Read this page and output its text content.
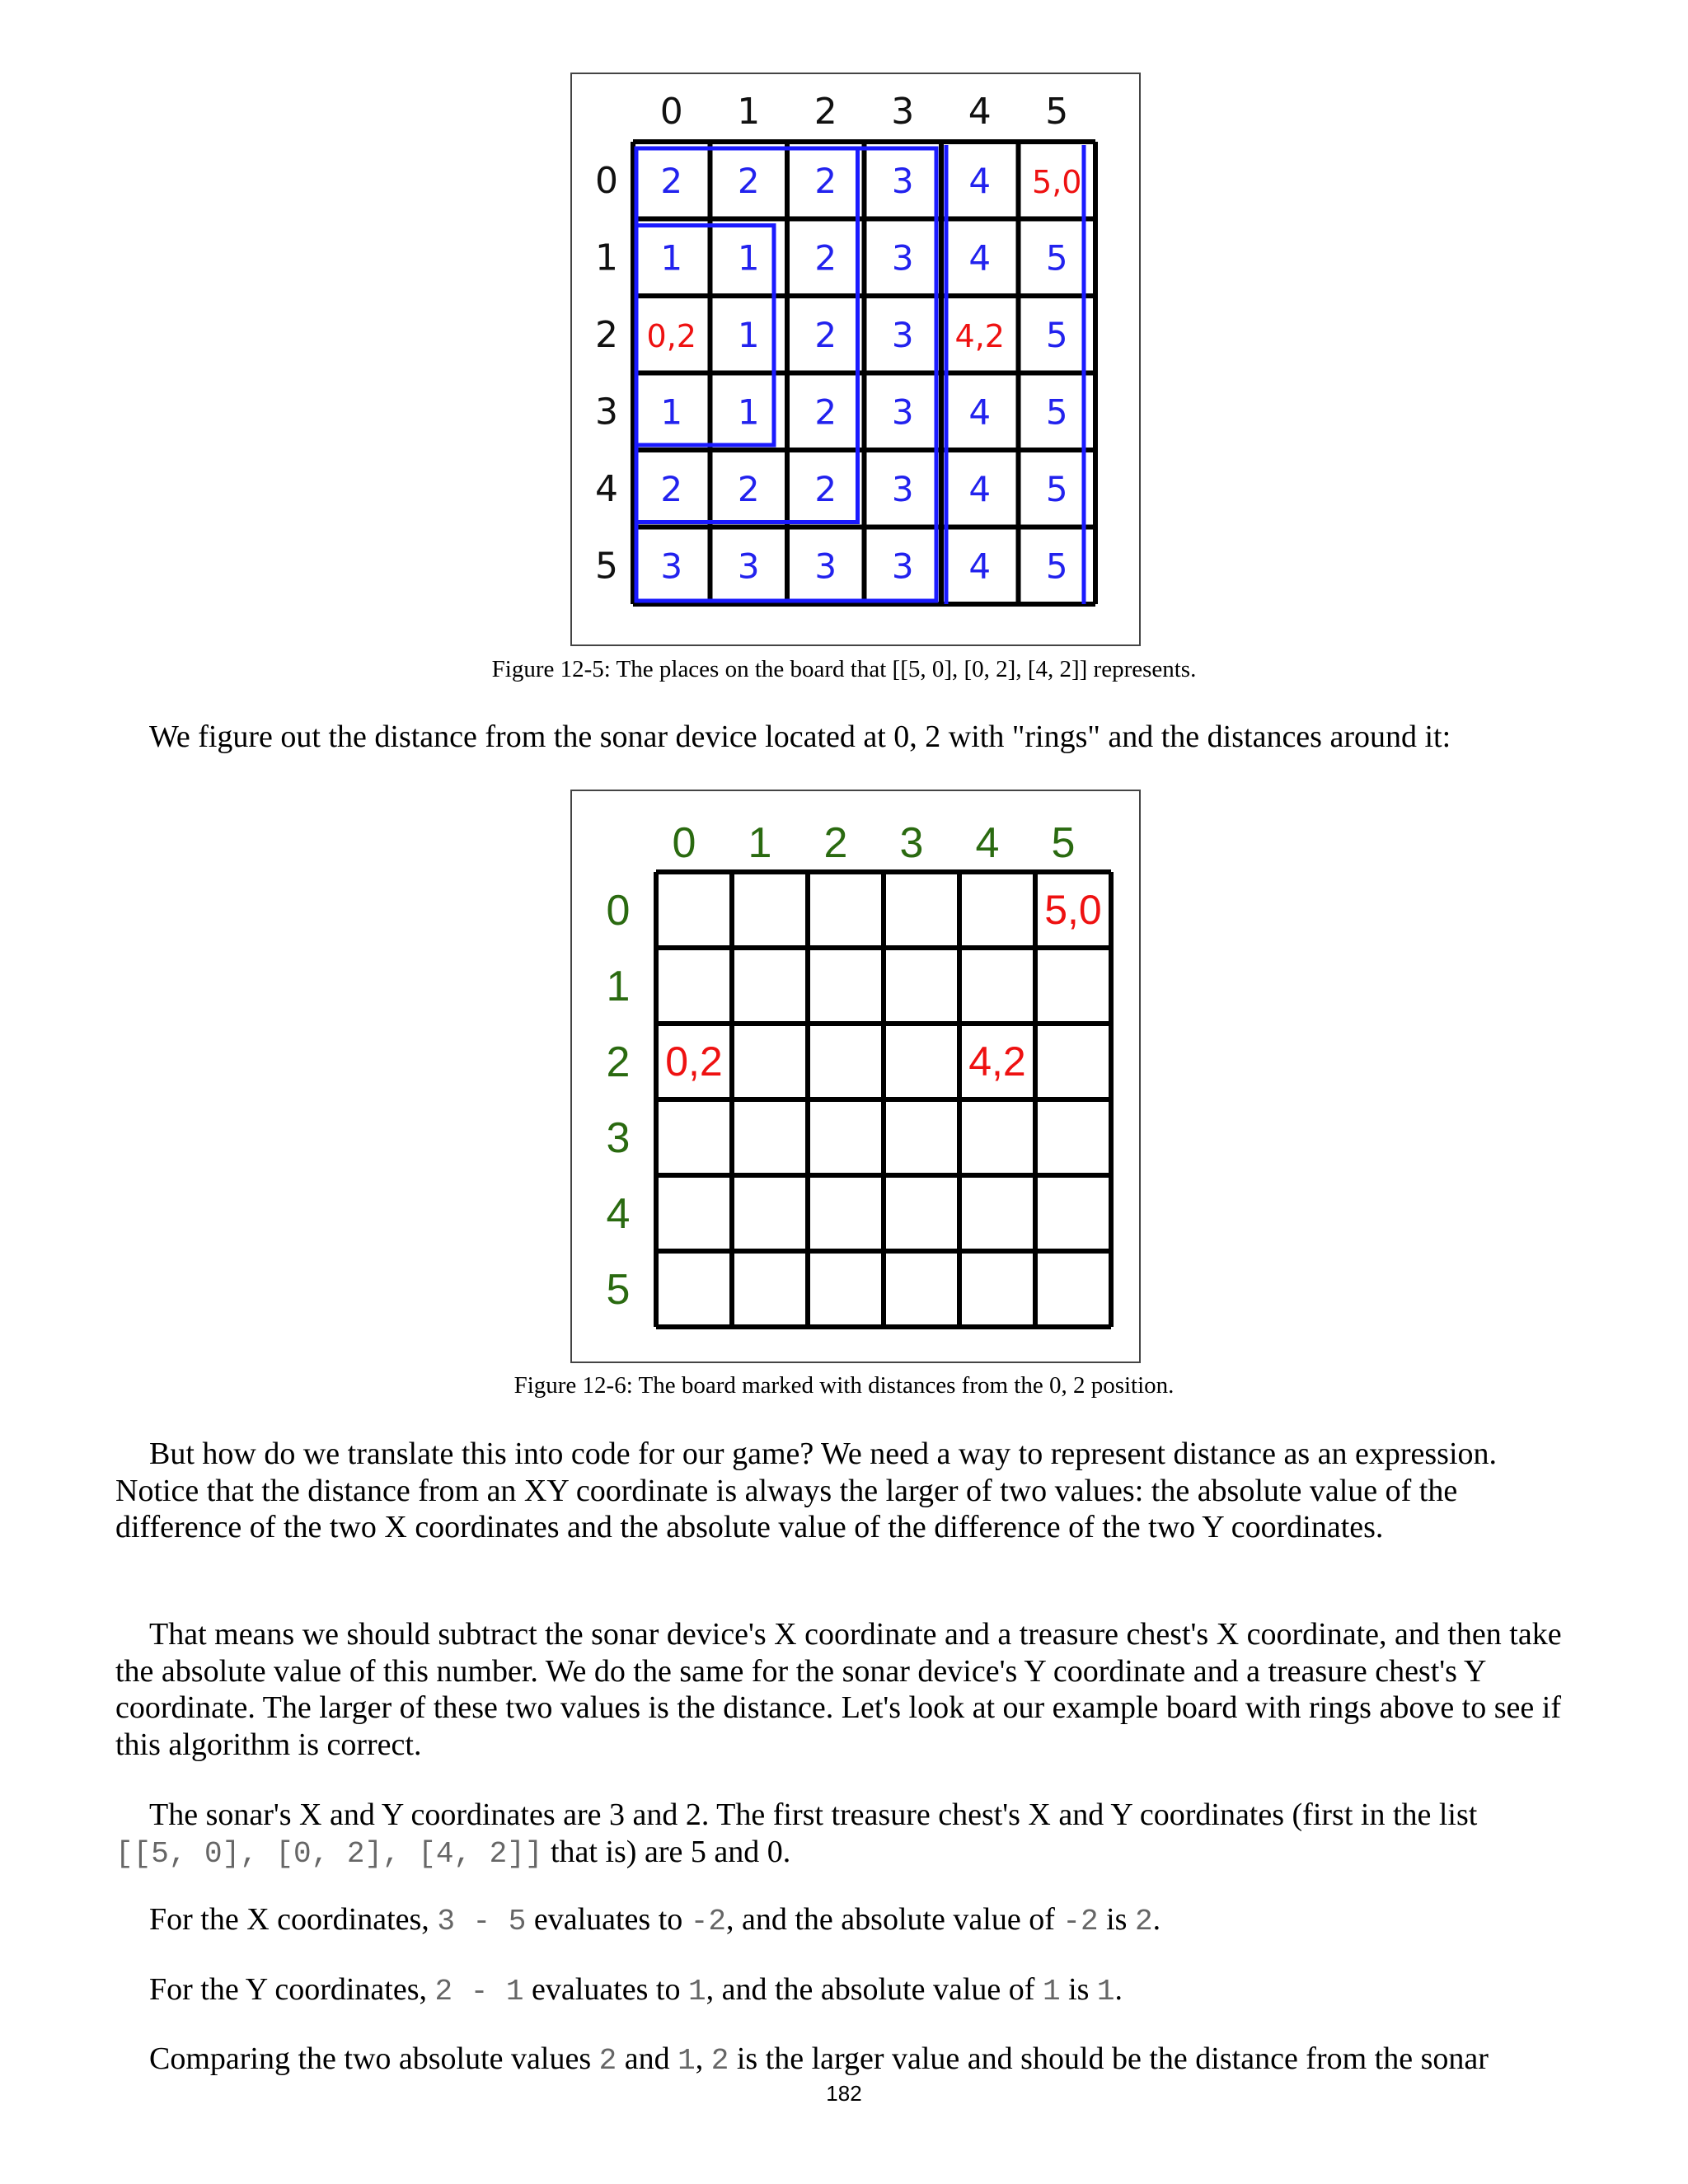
0 1 2 3 4 5
0
1
2
3
4
5
2 2 2 3 4 5,0
1 1 2 3 4 5
0,2 1 2 3 4,2 5
1 1 2 3 4 5
2 2 2 3 4 5
3 3 3 3 4 5
Figure 12-5: The places on the board that [[5, 0], [0, 2], [4, 2]] represents.
We figure out the distance from the sonar device located at 0, 2 with "rings" and the distances around it:
0 1 2 3 4 5
0
1
2
3
4
5
5,0
0,2	4,2
Figure 12-6: The board marked with distances from the 0, 2 position.
But how do we translate this into code for our game? We need a way to represent distance as an expression. Notice that the distance from an XY coordinate is always the larger of two values: the absolute value of the difference of the two X coordinates and the absolute value of the difference of the two Y coordinates.
That means we should subtract the sonar device's X coordinate and a treasure chest's X coordinate, and then take the absolute value of this number. We do the same for the sonar device's Y coordinate and a treasure chest's Y coordinate. The larger of these two values is the distance. Let's look at our example board with rings above to see if this algorithm is correct.
The sonar's X and Y coordinates are 3 and 2. The first treasure chest's X and Y coordinates (first in the list [[5, 0], [0, 2], [4, 2]] that is) are 5 and 0.
For the X coordinates, 3 - 5 evaluates to -2, and the absolute value of -2 is 2.
For the Y coordinates, 2 - 1 evaluates to 1, and the absolute value of 1 is 1.
Comparing the two absolute values 2 and 1, 2 is the larger value and should be the distance from the sonar
182
